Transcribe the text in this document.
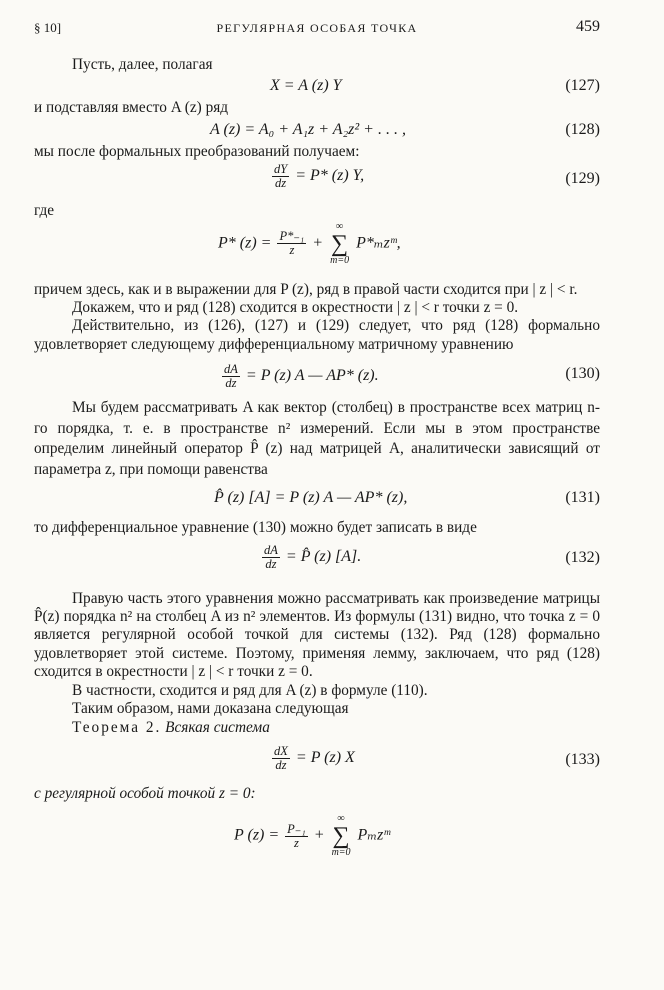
§ 10]	РЕГУЛЯРНАЯ ОСОБАЯ ТОЧКА	459

Пусть, далее, полагая

X = A (z) Y	(127)

и подставляя вместо A (z) ряд

A (z) = A₀ + A₁z + A₂z² + . . . ,	(128)

мы после формальных преобразований получаем:

$\frac{dY}{dz} = P*$ (z) Y,	(129)

где

P* $(z) = \frac{\text{P*₋₁}}{z}$ +
∞
∑
m=0
P*ₘzᵐ,

причем здесь, как и в выражении для P (z), ряд в правой части сходится при | z | < r.

Докажем, что и ряд (128) сходится в окрестности | z | < r точки z = 0.

Действительно, из (126), (127) и (129) следует, что ряд (128) формально удовлетворяет следующему дифференциальному матричному уравнению

$\frac{dA}{dz} = P$ (z) A — AP* (z).	(130)

Мы будем рассматривать A как вектор (столбец) в пространстве всех матриц n-го порядка, т. е. в пространстве n² измерений. Если мы в этом пространстве определим линейный оператор P̂ (z) над матрицей A, аналитически зависящий от параметра z, при помощи равенства

P̂ (z) [A] = P (z) A — AP* (z),	(131)

то дифференциальное уравнение (130) можно будет записать в виде

$\frac{dA}{dz}$ = P̂ (z) [A].	(132)

Правую часть этого уравнения можно рассматривать как произведение матрицы P̂(z) порядка n² на столбец A из n² элементов. Из формулы (131) видно, что точка z = 0 является регулярной особой точкой для системы (132). Ряд (128) формально удовлетворяет этой системе. Поэтому, применяя лемму, заключаем, что ряд (128) сходится в окрестности | z | < r точки z = 0.

В частности, сходится и ряд для A (z) в формуле (110).

Таким образом, нами доказана следующая

Теорема 2. Всякая система

$\frac{dX}{dz} = P$ (z) X	(133)

с регулярной особой точкой z = 0:

P $(z) = \frac{\text{P₋₁}}{z}$ +
∞
∑
m=0
Pₘzᵐ
